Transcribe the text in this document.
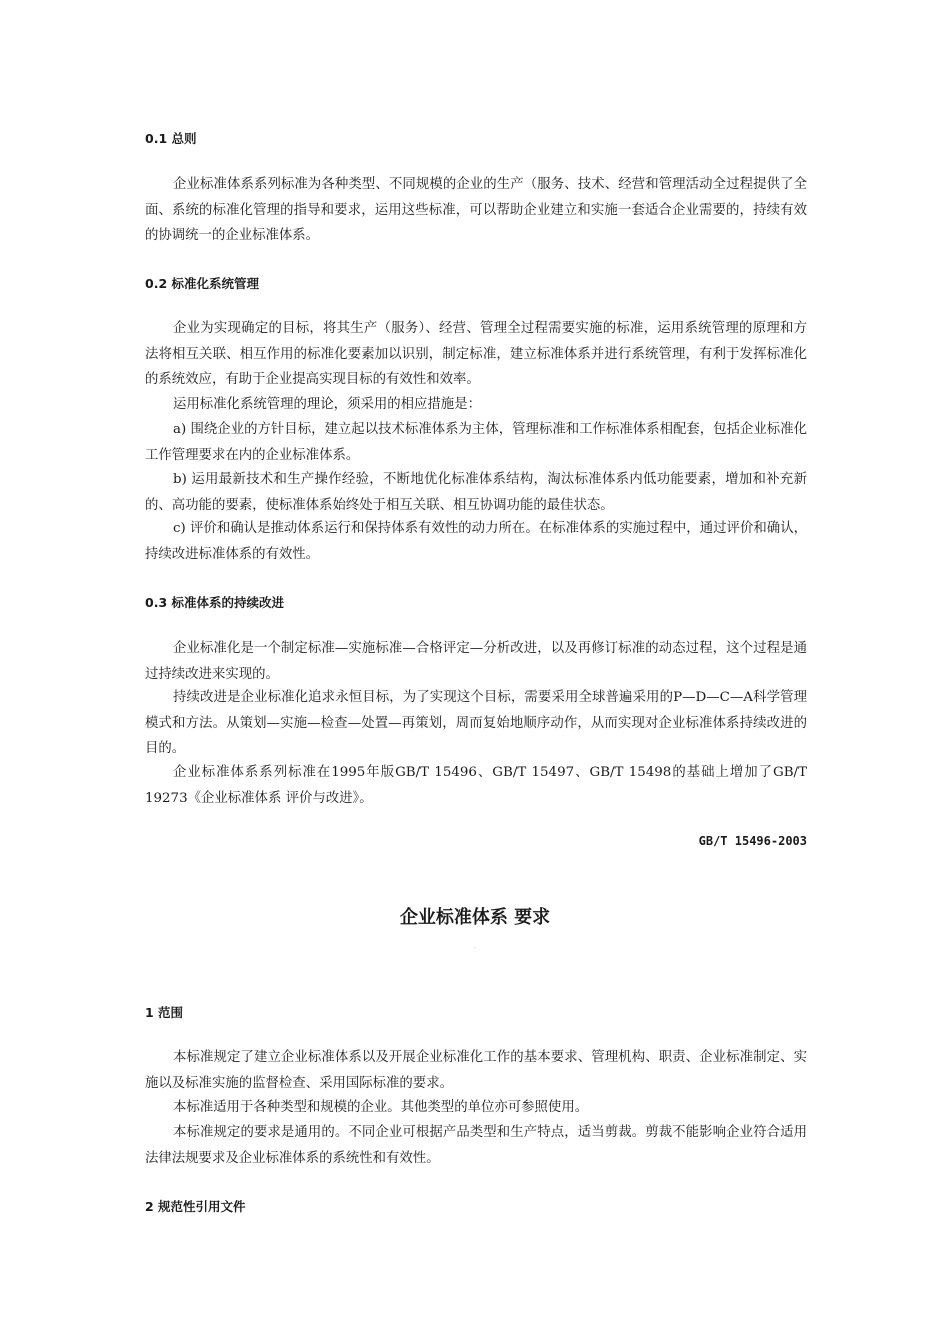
0.1 总则

企业标准体系系列标准为各种类型、不同规模的企业的生产（服务、技术、经营和管理活动全过程提供了全面、系统的标准化管理的指导和要求，运用这些标准，可以帮助企业建立和实施一套适合企业需要的，持续有效的协调统一的企业标准体系。

0.2 标准化系统管理

企业为实现确定的目标，将其生产（服务）、经营、管理全过程需要实施的标准，运用系统管理的原理和方法将相互关联、相互作用的标准化要素加以识别，制定标准，建立标准体系并进行系统管理，有利于发挥标准化的系统效应，有助于企业提高实现目标的有效性和效率。

运用标准化系统管理的理论，须采用的相应措施是：

a) 围绕企业的方针目标，建立起以技术标准体系为主体，管理标准和工作标准体系相配套，包括企业标准化工作管理要求在内的企业标准体系。

b) 运用最新技术和生产操作经验，不断地优化标准体系结构，淘汰标准体系内低功能要素，增加和补充新的、高功能的要素，使标准体系始终处于相互关联、相互协调功能的最佳状态。

c) 评价和确认是推动体系运行和保持体系有效性的动力所在。在标准体系的实施过程中，通过评价和确认，持续改进标准体系的有效性。

0.3 标准体系的持续改进

企业标准化是一个制定标准—实施标准—合格评定—分析改进，以及再修订标准的动态过程，这个过程是通过持续改进来实现的。

持续改进是企业标准化追求永恒目标，为了实现这个目标，需要采用全球普遍采用的P—D—C—A科学管理模式和方法。从策划—实施—检查—处置—再策划，周而复始地顺序动作，从而实现对企业标准体系持续改进的目的。

企业标准体系系列标准在1995年版GB/T 15496、GB/T 15497、GB/T 15498的基础上增加了GB/T 19273《企业标准体系 评价与改进》。

GB/T 15496-2003
企业标准体系 要求
·
1 范围

本标准规定了建立企业标准体系以及开展企业标准化工作的基本要求、管理机构、职责、企业标准制定、实施以及标准实施的监督检查、采用国际标准的要求。

本标准适用于各种类型和规模的企业。其他类型的单位亦可参照使用。

本标准规定的要求是通用的。不同企业可根据产品类型和生产特点，适当剪裁。剪裁不能影响企业符合适用法律法规要求及企业标准体系的系统性和有效性。

2 规范性引用文件
